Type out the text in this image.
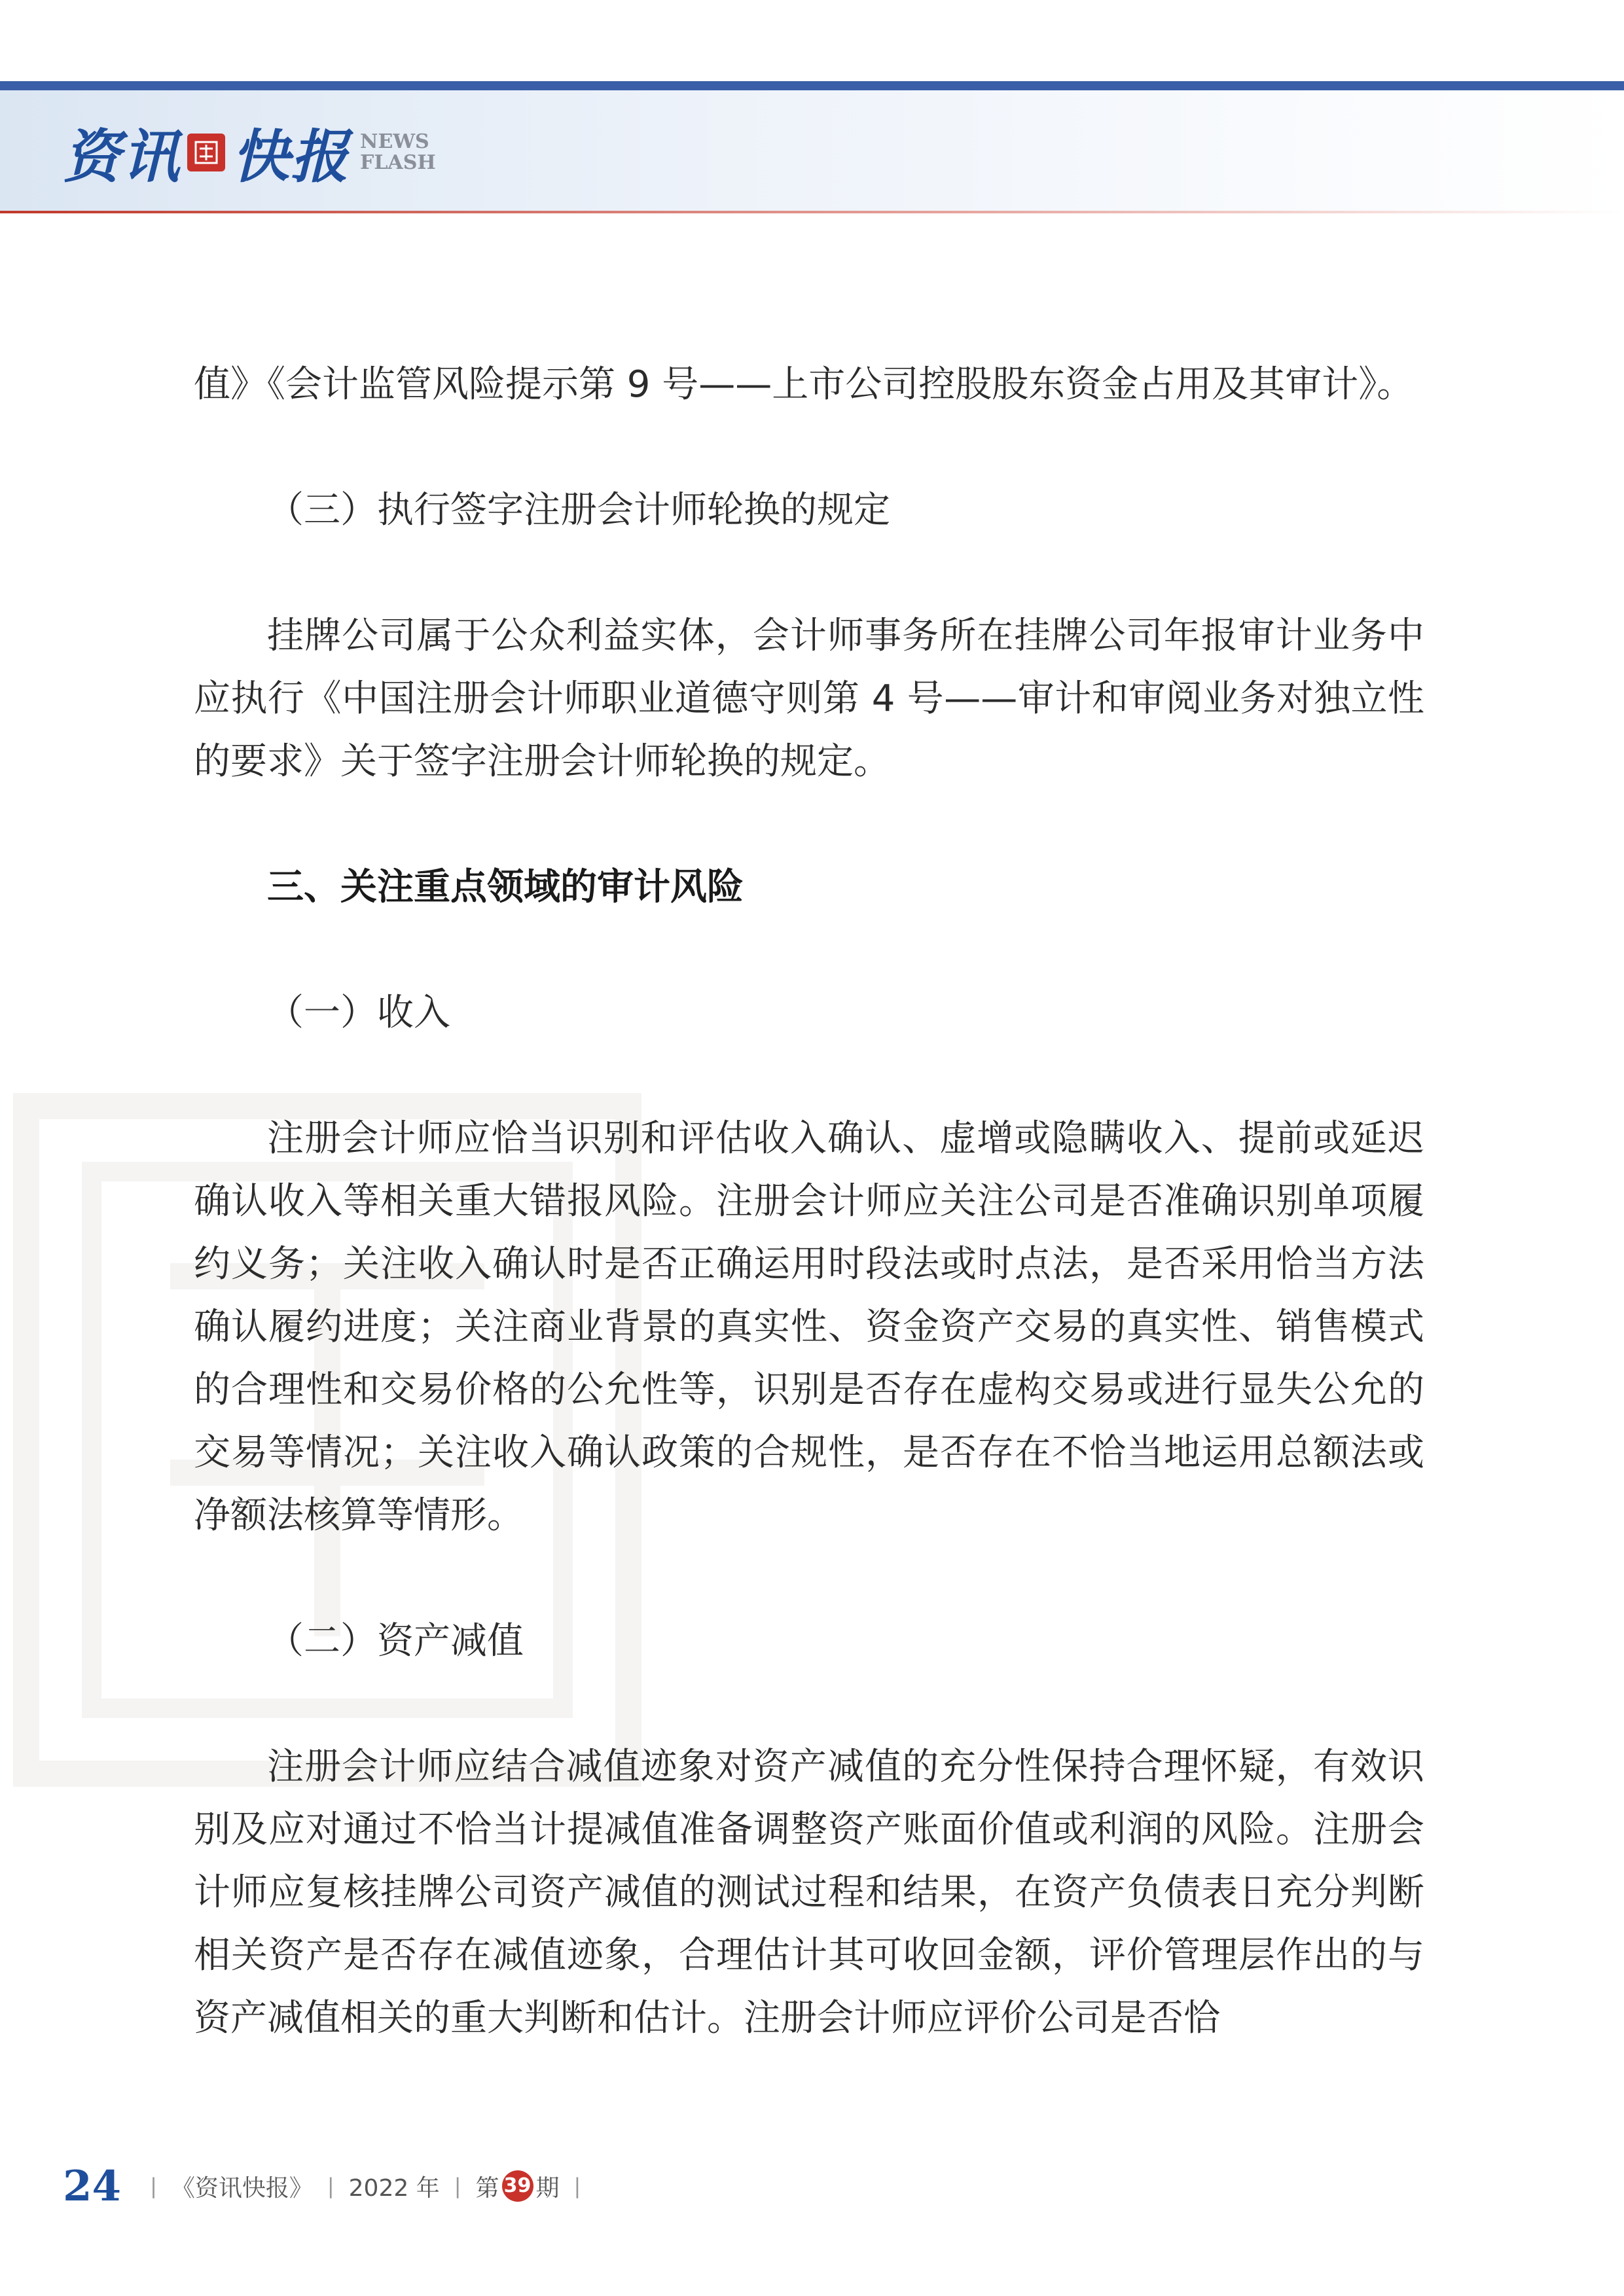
资讯 快报 NEWS
FLASH

值》《会计监管风险提示第 9 号——上市公司控股股东资金占用及其审计》。

（三）执行签字注册会计师轮换的规定

挂牌公司属于公众利益实体，会计师事务所在挂牌公司年报审计业务中应执行《中国注册会计师职业道德守则第 4 号——审计和审阅业务对独立性的要求》关于签字注册会计师轮换的规定。

三、关注重点领域的审计风险

（一）收入

注册会计师应恰当识别和评估收入确认、虚增或隐瞒收入、提前或延迟确认收入等相关重大错报风险。注册会计师应关注公司是否准确识别单项履约义务；关注收入确认时是否正确运用时段法或时点法，是否采用恰当方法确认履约进度；关注商业背景的真实性、资金资产交易的真实性、销售模式的合理性和交易价格的公允性等，识别是否存在虚构交易或进行显失公允的交易等情况；关注收入确认政策的合规性，是否存在不恰当地运用总额法或净额法核算等情形。

（二）资产减值

注册会计师应结合减值迹象对资产减值的充分性保持合理怀疑，有效识别及应对通过不恰当计提减值准备调整资产账面价值或利润的风险。注册会计师应复核挂牌公司资产减值的测试过程和结果，在资产负债表日充分判断相关资产是否存在减值迹象，合理估计其可收回金额，评价管理层作出的与资产减值相关的重大判断和估计。注册会计师应评价公司是否恰

24 | 《资讯快报》 | 2022 年 | 第 39 期 |
